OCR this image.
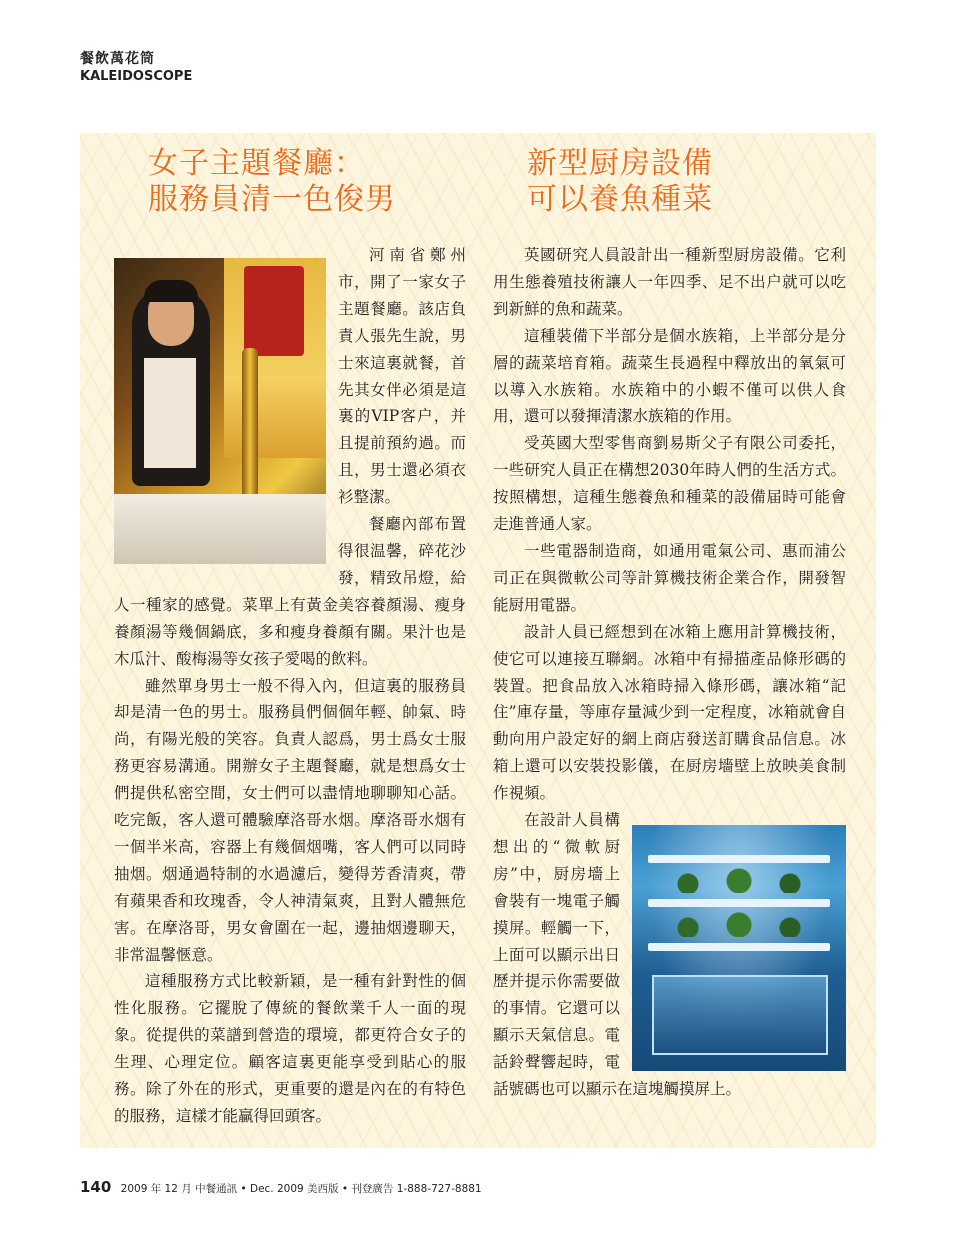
餐飲萬花筒
KALEIDOSCOPE
女子主題餐廳：
服務員清一色俊男
新型厨房設備
可以養魚種菜

河南省鄭州市，開了一家女子主題餐廳。該店負責人張先生說，男士來這裏就餐，首先其女伴必須是這裏的VIP客户，并且提前預約過。而且，男士還必須衣衫整潔。

餐廳內部布置得很温馨，碎花沙發，精致吊燈，給人一種家的感覺。菜單上有黃金美容養顏湯、瘦身養顏湯等幾個鍋底，多和瘦身養顏有關。果汁也是木瓜汁、酸梅湯等女孩子愛喝的飲料。

雖然單身男士一般不得入內，但這裏的服務員却是清一色的男士。服務員們個個年輕、帥氣、時尚，有陽光般的笑容。負責人認爲，男士爲女士服務更容易溝通。開辦女子主題餐廳，就是想爲女士們提供私密空間，女士們可以盡情地聊聊知心話。吃完飯，客人還可體驗摩洛哥水烟。摩洛哥水烟有一個半米高，容器上有幾個烟嘴，客人們可以同時抽烟。烟通過特制的水過濾后，變得芳香清爽，帶有蘋果香和玫瑰香，令人神清氣爽，且對人體無危害。在摩洛哥，男女會圍在一起，邊抽烟邊聊天，非常温馨愜意。

這種服務方式比較新穎，是一種有針對性的個性化服務。它擺脫了傳統的餐飲業千人一面的現象。從提供的菜譜到營造的環境，都更符合女子的生理、心理定位。顧客這裏更能享受到貼心的服務。除了外在的形式，更重要的還是內在的有特色的服務，這樣才能贏得回頭客。

英國研究人員設計出一種新型厨房設備。它利用生態養殖技術讓人一年四季、足不出户就可以吃到新鮮的魚和蔬菜。

這種裝備下半部分是個水族箱，上半部分是分層的蔬菜培育箱。蔬菜生長過程中釋放出的氧氣可以導入水族箱。水族箱中的小蝦不僅可以供人食用，還可以發揮清潔水族箱的作用。

受英國大型零售商劉易斯父子有限公司委托，一些研究人員正在構想2030年時人們的生活方式。按照構想，這種生態養魚和種菜的設備届時可能會走進普通人家。

一些電器制造商，如通用電氣公司、惠而浦公司正在與微軟公司等計算機技術企業合作，開發智能厨用電器。

設計人員已經想到在冰箱上應用計算機技術，使它可以連接互聯網。冰箱中有掃描產品條形碼的裝置。把食品放入冰箱時掃入條形碼，讓冰箱“記住”庫存量，等庫存量減少到一定程度，冰箱就會自動向用户設定好的網上商店發送訂購食品信息。冰箱上還可以安裝投影儀，在厨房墻壁上放映美食制作視頻。

在設計人員構想出的“微軟厨房”中，厨房墻上會裝有一塊電子觸摸屏。輕觸一下，上面可以顯示出日歷并提示你需要做的事情。它還可以顯示天氣信息。電話鈴聲響起時，電話號碼也可以顯示在這塊觸摸屏上。

140 2009 年 12 月 中餐通訊 • Dec. 2009 美西版 • 刊登廣告 1-888-727-8881
